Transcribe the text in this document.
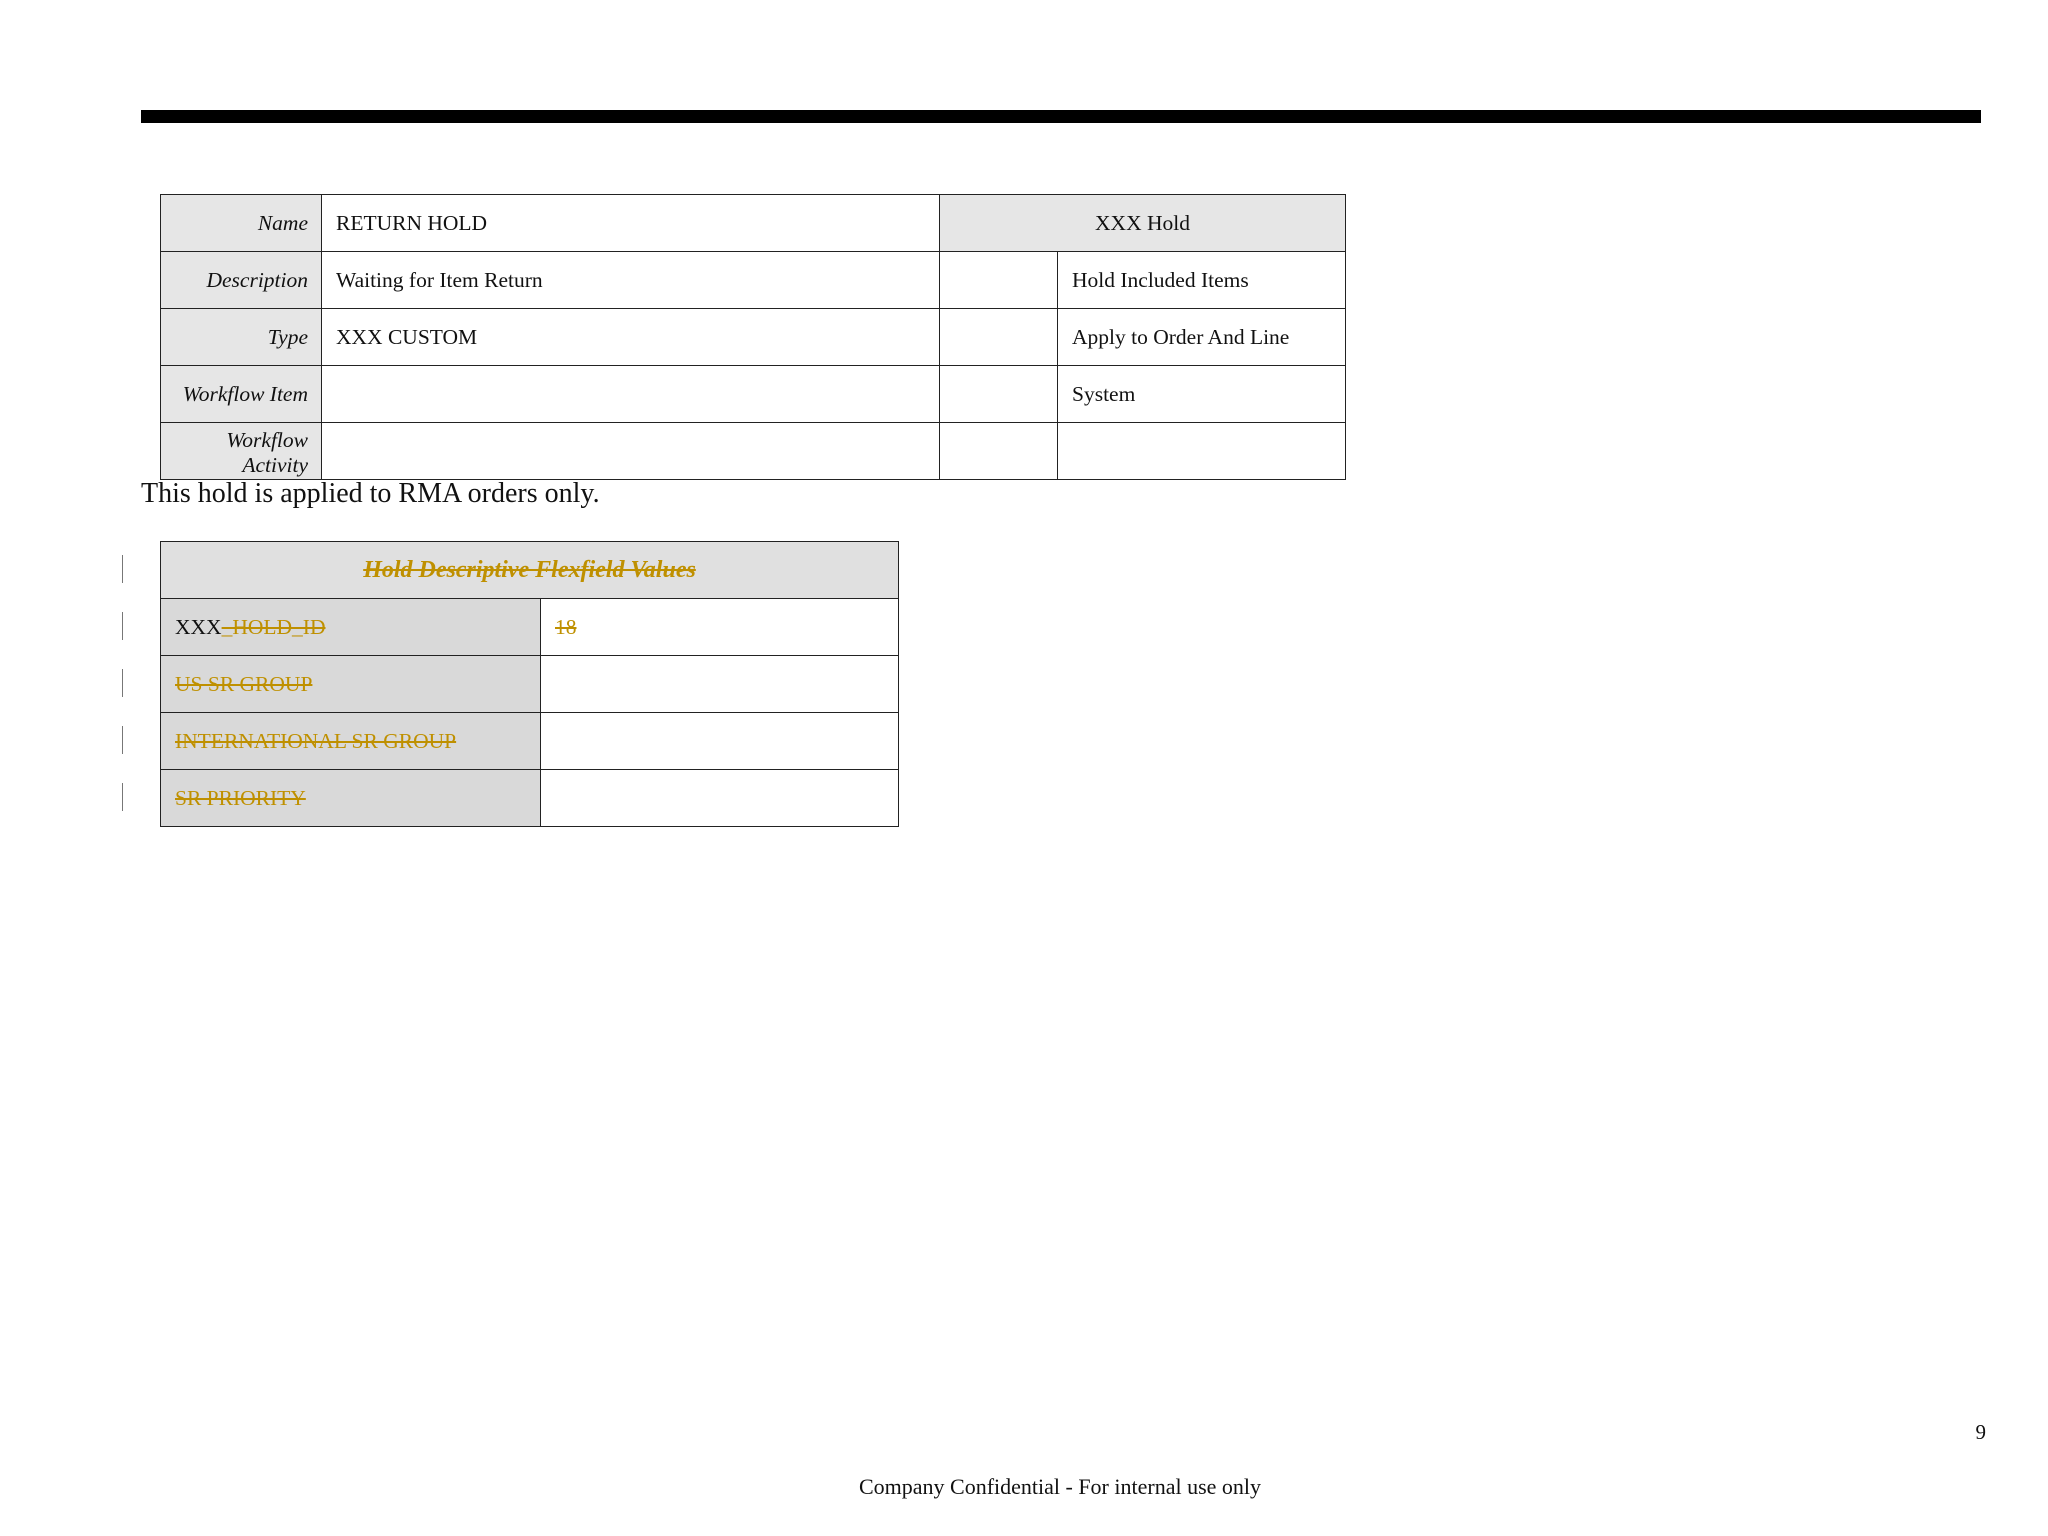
Name	RETURN HOLD	XXX Hold	
Description	Waiting for Item Return		Hold Included Items
Type	XXX CUSTOM		Apply to Order And Line
Workflow Item			System
Workflow
Activity			
This hold is applied to RMA orders only.
Hold Descriptive Flexfield Values	
XXX_HOLD_ID	18
US SR GROUP	
INTERNATIONAL SR GROUP	
SR PRIORITY	
9
Company Confidential - For internal use only
